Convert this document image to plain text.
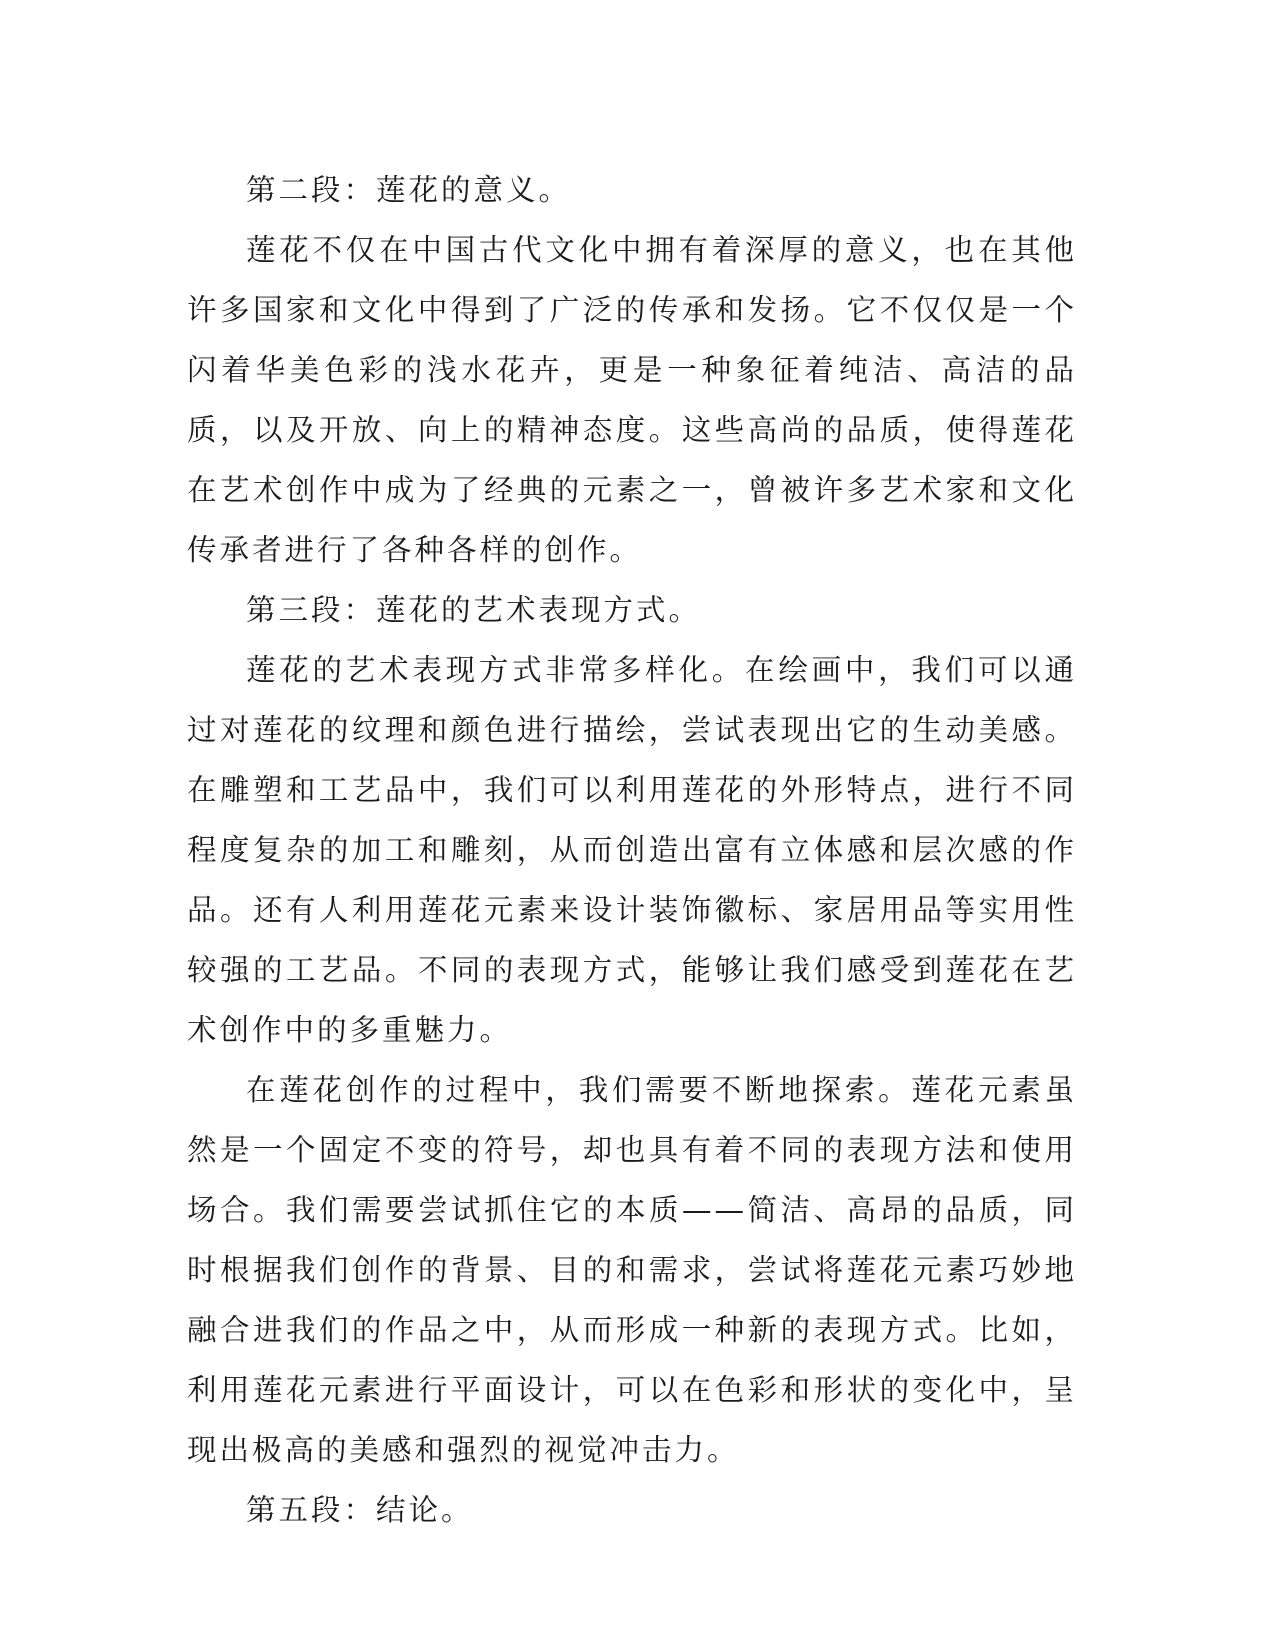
第二段：莲花的意义。

莲花不仅在中国古代文化中拥有着深厚的意义，也在其他许多国家和文化中得到了广泛的传承和发扬。它不仅仅是一个闪着华美色彩的浅水花卉，更是一种象征着纯洁、高洁的品质，以及开放、向上的精神态度。这些高尚的品质，使得莲花在艺术创作中成为了经典的元素之一，曾被许多艺术家和文化传承者进行了各种各样的创作。

第三段：莲花的艺术表现方式。

莲花的艺术表现方式非常多样化。在绘画中，我们可以通过对莲花的纹理和颜色进行描绘，尝试表现出它的生动美感。在雕塑和工艺品中，我们可以利用莲花的外形特点，进行不同程度复杂的加工和雕刻，从而创造出富有立体感和层次感的作品。还有人利用莲花元素来设计装饰徽标、家居用品等实用性较强的工艺品。不同的表现方式，能够让我们感受到莲花在艺术创作中的多重魅力。

在莲花创作的过程中，我们需要不断地探索。莲花元素虽然是一个固定不变的符号，却也具有着不同的表现方法和使用场合。我们需要尝试抓住它的本质——简洁、高昂的品质，同时根据我们创作的背景、目的和需求，尝试将莲花元素巧妙地融合进我们的作品之中，从而形成一种新的表现方式。比如，利用莲花元素进行平面设计，可以在色彩和形状的变化中，呈现出极高的美感和强烈的视觉冲击力。

第五段：结论。
